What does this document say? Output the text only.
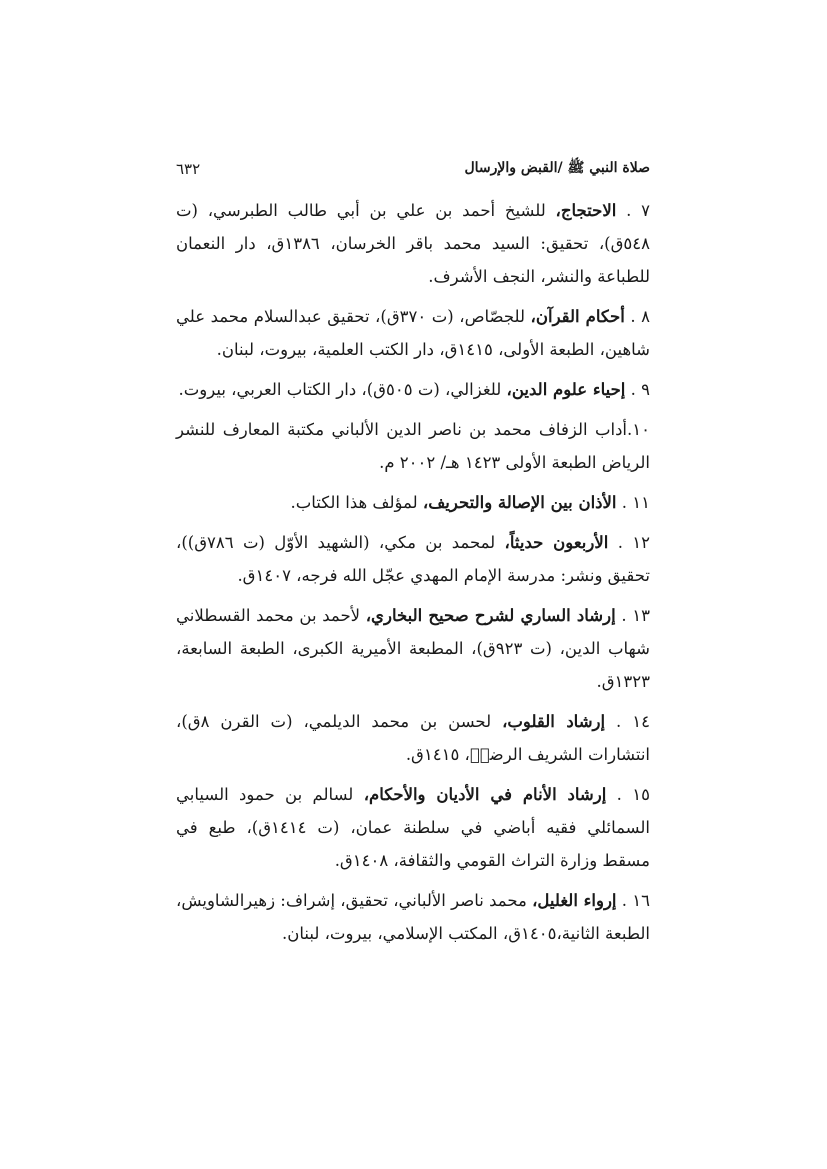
صلاة النبي ﷺ /القبض والإرسال
٦٣٢

٧ . الاحتجاج، للشيخ أحمد بن علي بن أبي طالب الطبرسي، (ت ٥٤٨ق)، تحقيق: السيد محمد باقر الخرسان، ١٣٨٦ق، دار النعمان للطباعة والنشر، النجف الأشرف.

٨ . أحكام القرآن، للجصّاص، (ت ٣٧٠ق)، تحقيق عبدالسلام محمد علي شاهين، الطبعة الأولى، ١٤١٥ق، دار الكتب العلمية، بيروت، لبنان.

٩ . إحياء علوم الدين، للغزالي، (ت ٥٠٥ق)، دار الكتاب العربي، بيروت.

١٠.أداب الزفاف محمد بن ناصر الدين الألباني مكتبة المعارف للنشر الرياض الطبعة الأولى ١٤٢٣ هـ/ ٢٠٠٢ م.

١١ . الأذان بين الإصالة والتحريف، لمؤلف هذا الكتاب.

١٢ . الأربعون حديثاً، لمحمد بن مكي، (الشهيد الأوّل (ت ٧٨٦ق))، تحقيق ونشر: مدرسة الإمام المهدي عجّل الله فرجه، ١٤٠٧ق.

١٣ . إرشاد الساري لشرح صحيح البخاري، لأحمد بن محمد القسطلاني شهاب الدين، (ت ٩٢٣ق)، المطبعة الأميرية الكبرى، الطبعة السابعة، ١٣٢٣ق.

١٤ . إرشاد القلوب، لحسن بن محمد الديلمي، (ت القرن ٨ق)، انتشارات الشريف الرضيؒ، ١٤١٥ق.

١٥ . إرشاد الأنام في الأديان والأحكام، لسالم بن حمود السيابي السمائلي فقيه أباضي في سلطنة عمان، (ت ١٤١٤ق)، طبع في مسقط وزارة التراث القومي والثقافة، ١٤٠٨ق.

١٦ . إرواء الغليل، محمد ناصر الألباني، تحقيق، إشراف: زهيرالشاويش، الطبعة الثانية،١٤٠٥ق، المكتب الإسلامي، بيروت، لبنان.
